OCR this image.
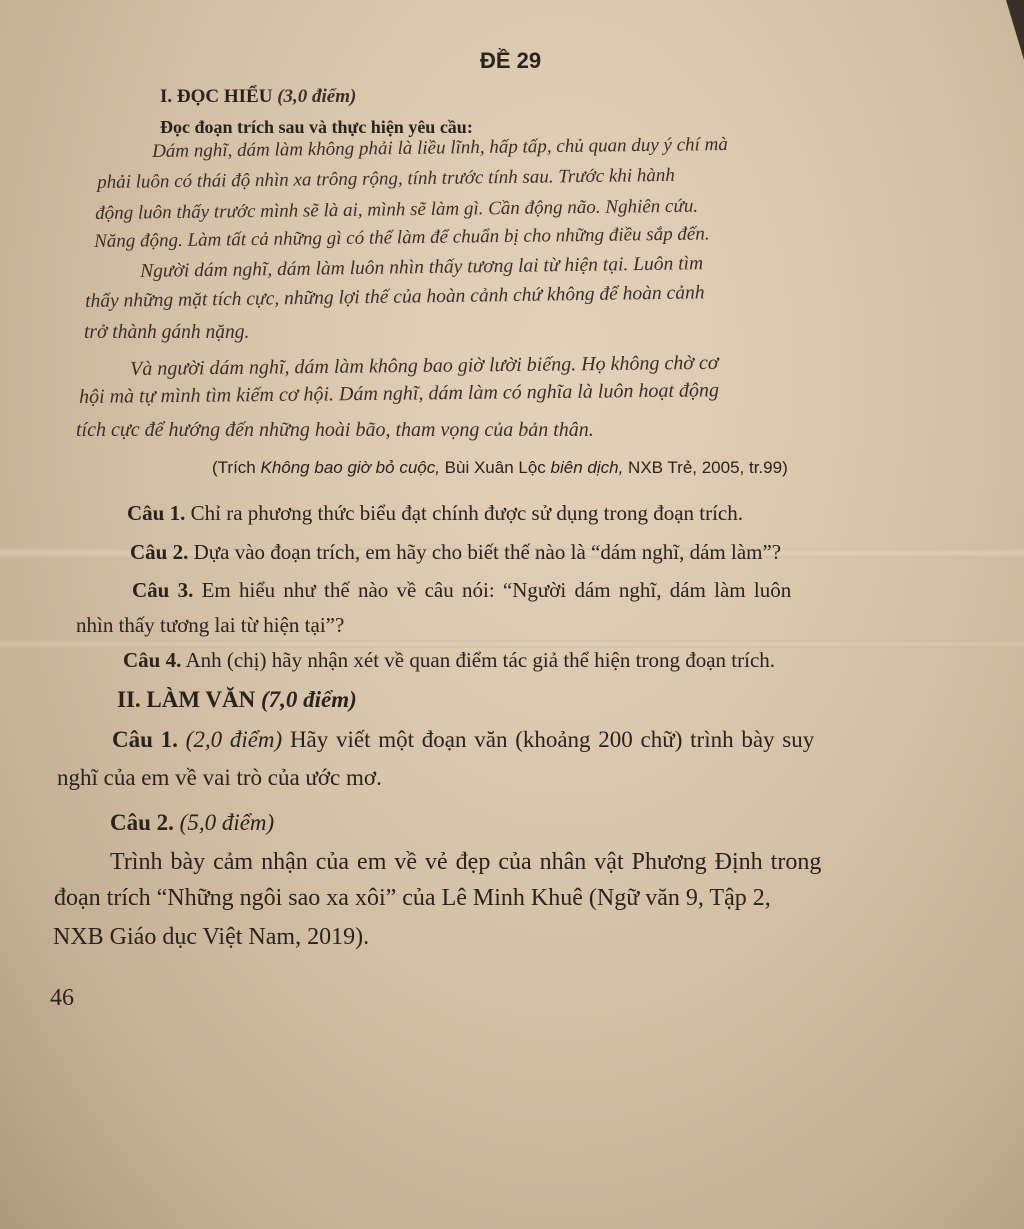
ĐỀ 29
I. ĐỌC HIỂU (3,0 điểm)
Đọc đoạn trích sau và thực hiện yêu cầu:
Dám nghĩ, dám làm không phải là liều lĩnh, hấp tấp, chủ quan duy ý chí mà
phải luôn có thái độ nhìn xa trông rộng, tính trước tính sau. Trước khi hành
động luôn thấy trước mình sẽ là ai, mình sẽ làm gì. Cần động não. Nghiên cứu.
Năng động. Làm tất cả những gì có thể làm để chuẩn bị cho những điều sắp đến.
Người dám nghĩ, dám làm luôn nhìn thấy tương lai từ hiện tại. Luôn tìm
thấy những mặt tích cực, những lợi thế của hoàn cảnh chứ không để hoàn cảnh
trở thành gánh nặng.
Và người dám nghĩ, dám làm không bao giờ lười biếng. Họ không chờ cơ
hội mà tự mình tìm kiếm cơ hội. Dám nghĩ, dám làm có nghĩa là luôn hoạt động
tích cực để hướng đến những hoài bão, tham vọng của bản thân.
(Trích Không bao giờ bỏ cuộc, Bùi Xuân Lộc biên dịch, NXB Trẻ, 2005, tr.99)
Câu 1. Chỉ ra phương thức biểu đạt chính được sử dụng trong đoạn trích.
Câu 2. Dựa vào đoạn trích, em hãy cho biết thế nào là “dám nghĩ, dám làm”?
Câu 3. Em hiểu như thế nào về câu nói: “Người dám nghĩ, dám làm luôn
nhìn thấy tương lai từ hiện tại”?
Câu 4. Anh (chị) hãy nhận xét về quan điểm tác giả thể hiện trong đoạn trích.
II. LÀM VĂN (7,0 điểm)
Câu 1. (2,0 điểm) Hãy viết một đoạn văn (khoảng 200 chữ) trình bày suy
nghĩ của em về vai trò của ước mơ.
Câu 2. (5,0 điểm)
Trình bày cảm nhận của em về vẻ đẹp của nhân vật Phương Định trong
đoạn trích “Những ngôi sao xa xôi” của Lê Minh Khuê (Ngữ văn 9, Tập 2,
NXB Giáo dục Việt Nam, 2019).
46
